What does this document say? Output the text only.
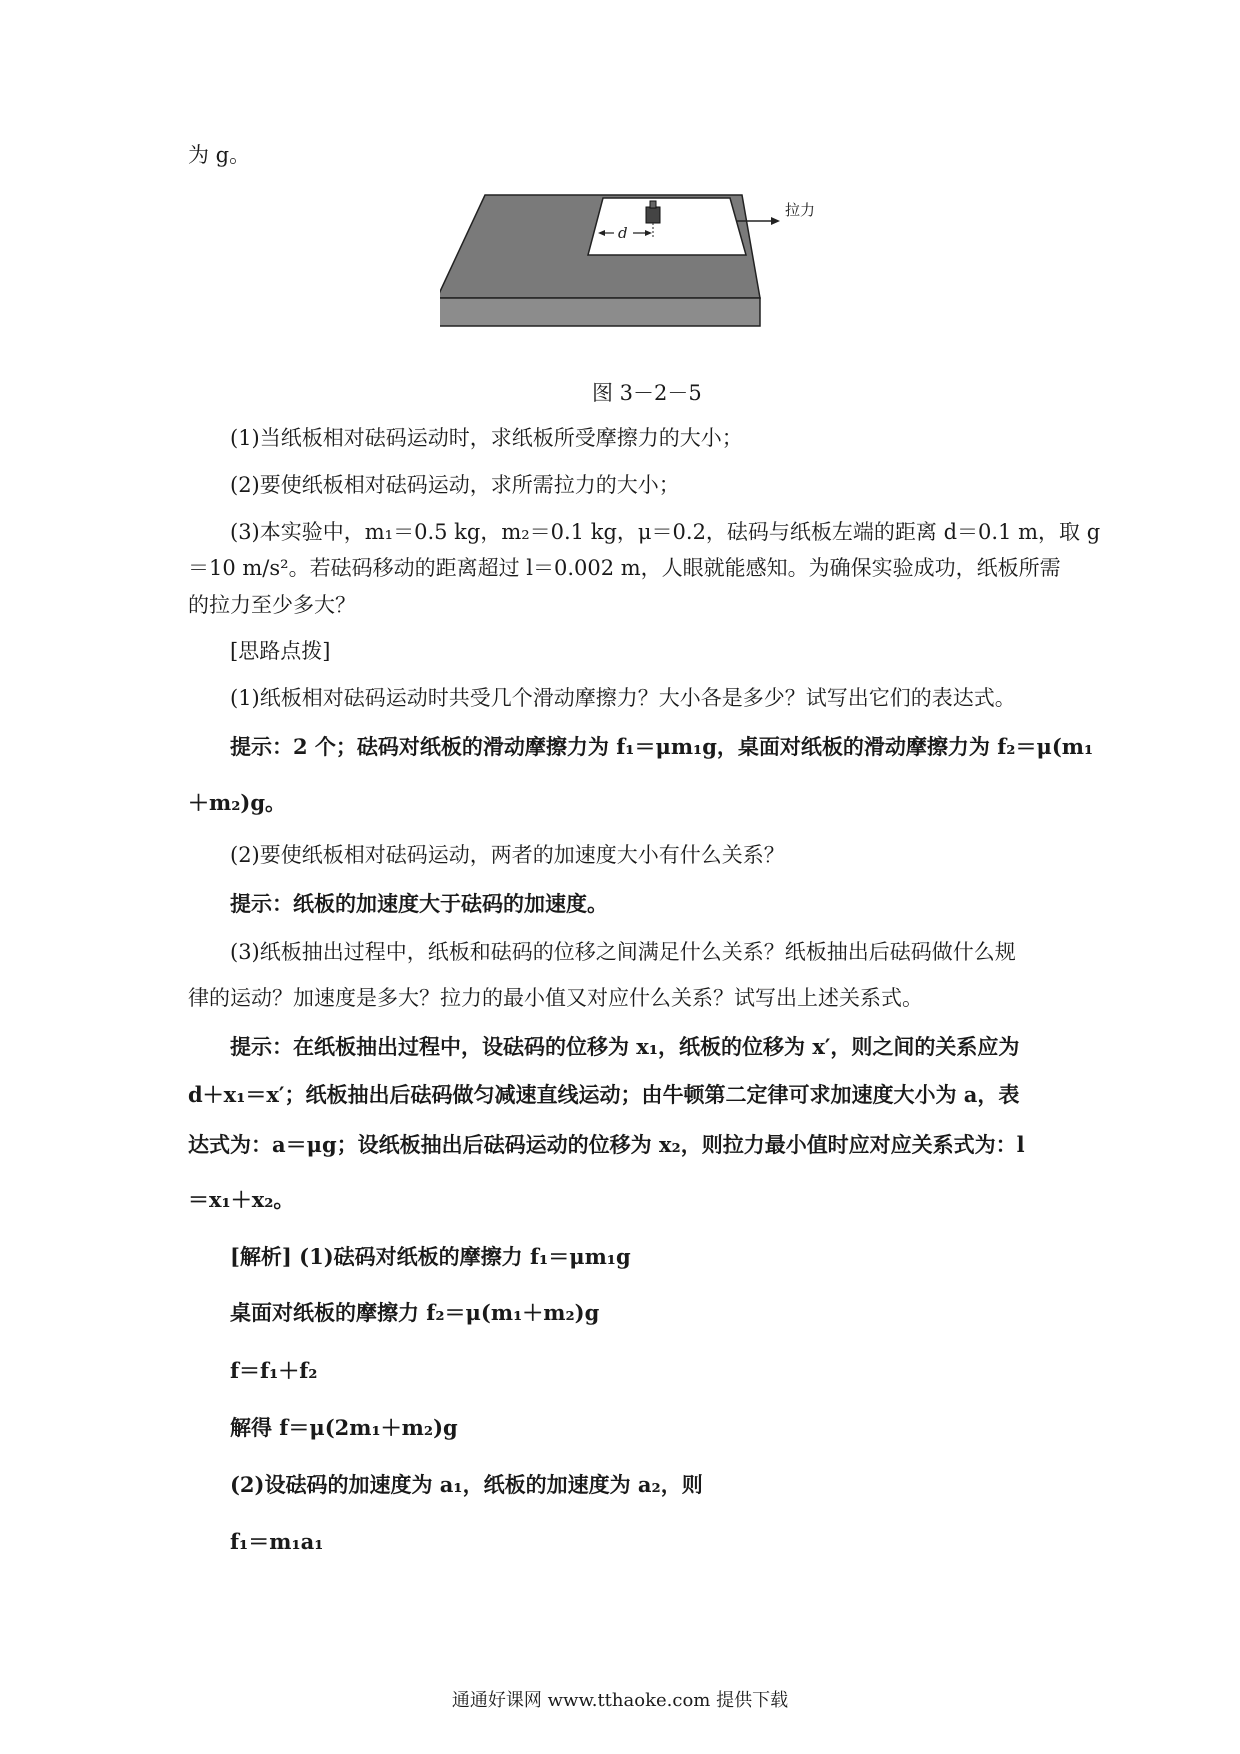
为 g。
d
拉力
图 3－2－5
(1)当纸板相对砝码运动时，求纸板所受摩擦力的大小；
(2)要使纸板相对砝码运动，求所需拉力的大小；
(3)本实验中，m₁＝0.5 kg，m₂＝0.1 kg，μ＝0.2，砝码与纸板左端的距离 d＝0.1 m，取 g
＝10 m/s²。若砝码移动的距离超过 l＝0.002 m，人眼就能感知。为确保实验成功，纸板所需
的拉力至少多大？
[思路点拨]
(1)纸板相对砝码运动时共受几个滑动摩擦力？大小各是多少？试写出它们的表达式。
提示：2 个；砝码对纸板的滑动摩擦力为 f₁＝μm₁g，桌面对纸板的滑动摩擦力为 f₂＝μ(m₁
＋m₂)g。
(2)要使纸板相对砝码运动，两者的加速度大小有什么关系？
提示：纸板的加速度大于砝码的加速度。
(3)纸板抽出过程中，纸板和砝码的位移之间满足什么关系？纸板抽出后砝码做什么规
律的运动？加速度是多大？拉力的最小值又对应什么关系？试写出上述关系式。
提示：在纸板抽出过程中，设砝码的位移为 x₁，纸板的位移为 x′，则之间的关系应为
d＋x₁＝x′；纸板抽出后砝码做匀减速直线运动；由牛顿第二定律可求加速度大小为 a，表
达式为：a＝μg；设纸板抽出后砝码运动的位移为 x₂，则拉力最小值时应对应关系式为：l
＝x₁＋x₂。
[解析] (1)砝码对纸板的摩擦力 f₁＝μm₁g
桌面对纸板的摩擦力 f₂＝μ(m₁＋m₂)g
f＝f₁＋f₂
解得 f＝μ(2m₁＋m₂)g
(2)设砝码的加速度为 a₁，纸板的加速度为 a₂，则
f₁＝m₁a₁
通通好课网 www.tthaoke.com 提供下载
